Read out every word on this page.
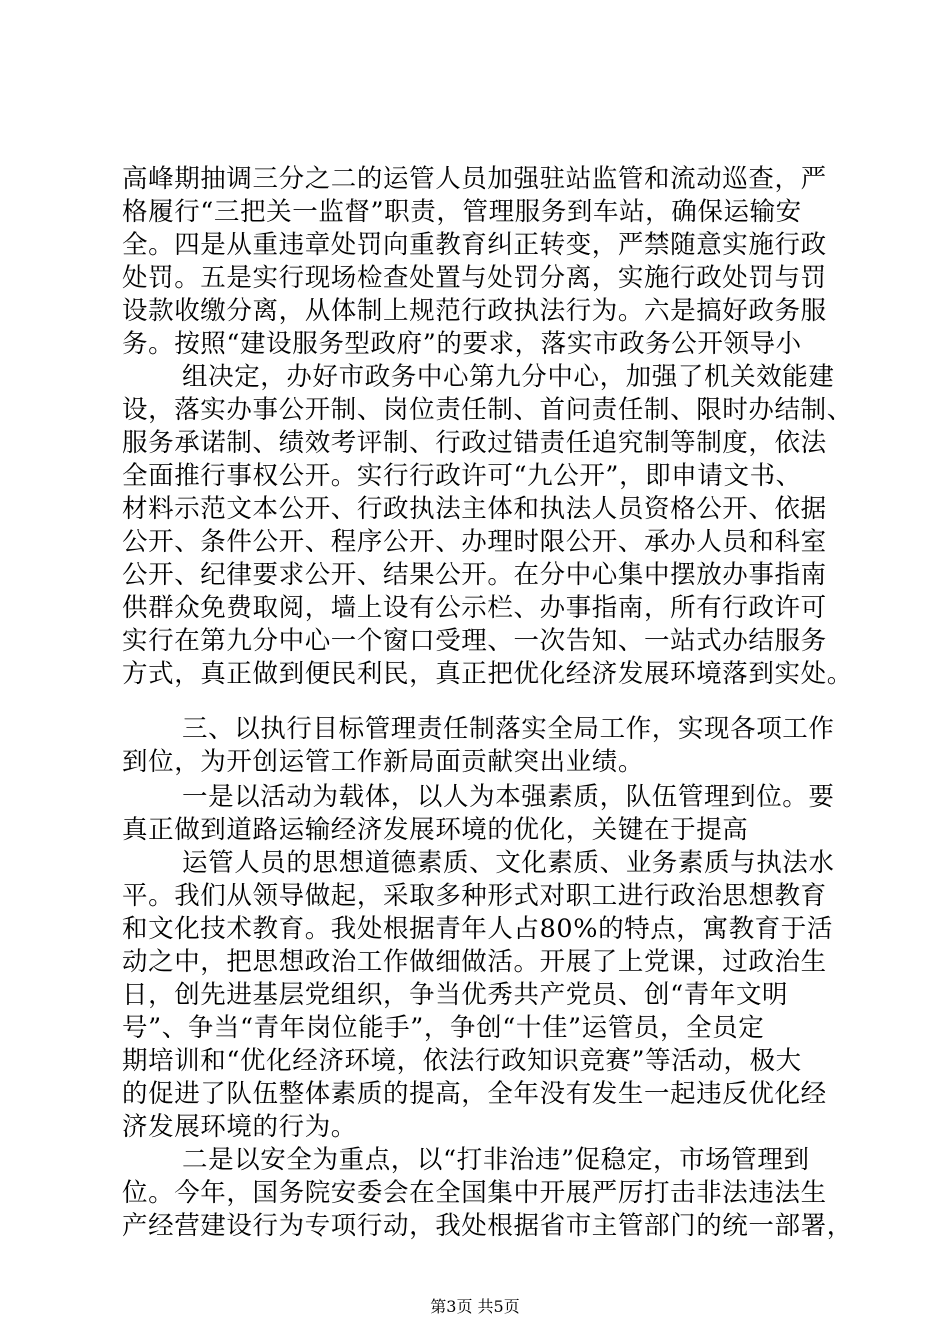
高峰期抽调三分之二的运管人员加强驻站监管和流动巡查，严
格履行“三把关一监督”职责，管理服务到车站，确保运输安
全。四是从重违章处罚向重教育纠正转变，严禁随意实施行政
处罚。五是实行现场检查处置与处罚分离，实施行政处罚与罚
设款收缴分离，从体制上规范行政执法行为。六是搞好政务服
务。按照“建设服务型政府”的要求，落实市政务公开领导小
组决定，办好市政务中心第九分中心，加强了机关效能建
设，落实办事公开制、岗位责任制、首问责任制、限时办结制、
服务承诺制、绩效考评制、行政过错责任追究制等制度，依法
全面推行事权公开。实行行政许可“九公开”，即申请文书、
材料示范文本公开、行政执法主体和执法人员资格公开、依据
公开、条件公开、程序公开、办理时限公开、承办人员和科室
公开、纪律要求公开、结果公开。在分中心集中摆放办事指南
供群众免费取阅，墙上设有公示栏、办事指南，所有行政许可
实行在第九分中心一个窗口受理、一次告知、一站式办结服务
方式，真正做到便民利民，真正把优化经济发展环境落到实处。
三、以执行目标管理责任制落实全局工作，实现各项工作
到位，为开创运管工作新局面贡献突出业绩。
一是以活动为载体，以人为本强素质，队伍管理到位。要
真正做到道路运输经济发展环境的优化，关键在于提高
运管人员的思想道德素质、文化素质、业务素质与执法水
平。我们从领导做起，采取多种形式对职工进行政治思想教育
和文化技术教育。我处根据青年人占80%的特点，寓教育于活
动之中，把思想政治工作做细做活。开展了上党课，过政治生
日，创先进基层党组织，争当优秀共产党员、创“青年文明
号”、争当“青年岗位能手”，争创“十佳”运管员，全员定
期培训和“优化经济环境，依法行政知识竞赛”等活动，极大
的促进了队伍整体素质的提高，全年没有发生一起违反优化经
济发展环境的行为。
二是以安全为重点，以“打非治违”促稳定，市场管理到
位。今年，国务院安委会在全国集中开展严厉打击非法违法生
产经营建设行为专项行动，我处根据省市主管部门的统一部署，
第3页 共5页
